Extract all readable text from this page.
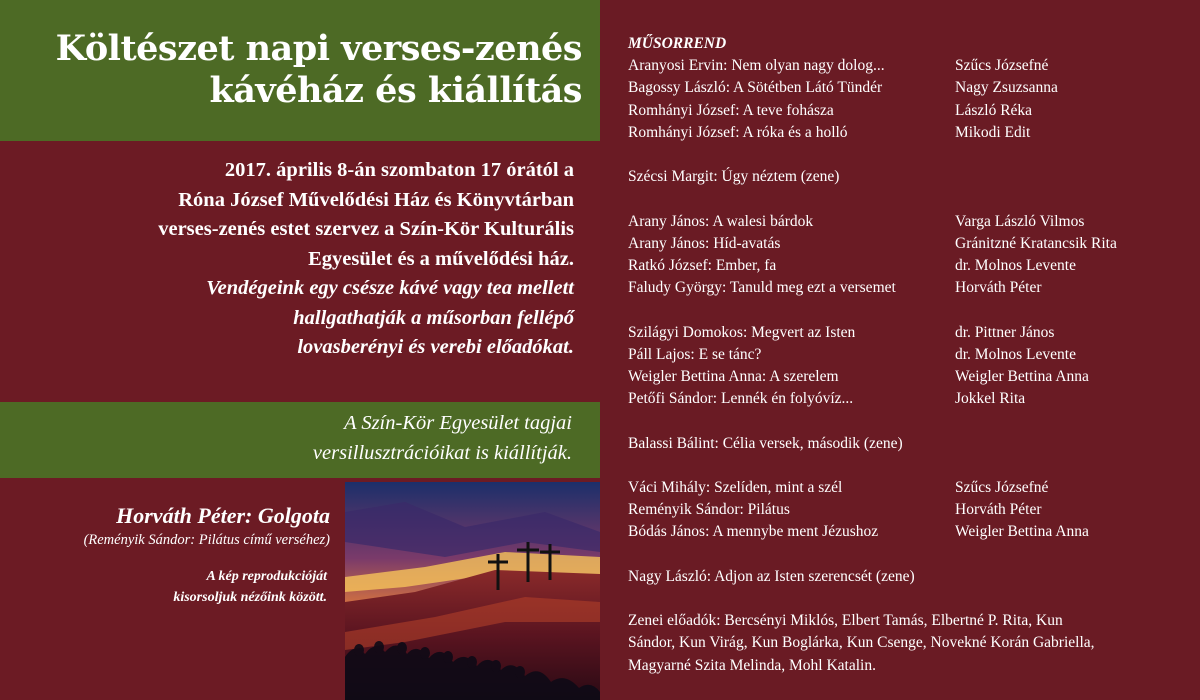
Költészet napi verses-zenés
kávéház és kiállítás
2017. április 8-án szombaton 17 órától a
Róna József Művelődési Ház és Könyvtárban
verses-zenés estet szervez a Szín-Kör Kulturális
Egyesület és a művelődési ház.
Vendégeink egy csésze kávé vagy tea mellett
hallgathatják a műsorban fellépő
lovasberényi és verebi előadókat.
A Szín-Kör Egyesület tagjai
versillusztrációikat is kiállítják.
Horváth Péter: Golgota
(Reményik Sándor: Pilátus című verséhez)
A kép reprodukcióját
kisorsoljuk nézőink között.
MŰSORREND
Aranyosi Ervin: Nem olyan nagy dolog...	Szűcs Józsefné
Bagossy László: A Sötétben Látó Tündér	Nagy Zsuzsanna
Romhányi József: A teve fohásza	László Réka
Romhányi József: A róka és a holló	Mikodi Edit
Szécsi Margit: Úgy néztem (zene)
Arany János: A walesi bárdok	Varga László Vilmos
Arany János: Híd-avatás	Gránitzné Kratancsik Rita
Ratkó József: Ember, fa	dr. Molnos Levente
Faludy György: Tanuld meg ezt a versemet	Horváth Péter
Szilágyi Domokos: Megvert az Isten	dr. Pittner János
Páll Lajos: E se tánc?	dr. Molnos Levente
Weigler Bettina Anna: A szerelem	Weigler Bettina Anna
Petőfi Sándor: Lennék én folyóvíz...	Jokkel Rita
Balassi Bálint: Célia versek, második (zene)
Váci Mihály: Szelíden, mint a szél	Szűcs Józsefné
Reményik Sándor: Pilátus	Horváth Péter
Bódás János: A mennybe ment Jézushoz	Weigler Bettina Anna
Nagy László: Adjon az Isten szerencsét (zene)
Zenei előadók: Bercsényi Miklós, Elbert Tamás, Elbertné P. Rita, Kun
Sándor, Kun Virág, Kun Boglárka, Kun Csenge, Novekné Korán Gabriella,
Magyarné Szita Melinda, Mohl Katalin.
